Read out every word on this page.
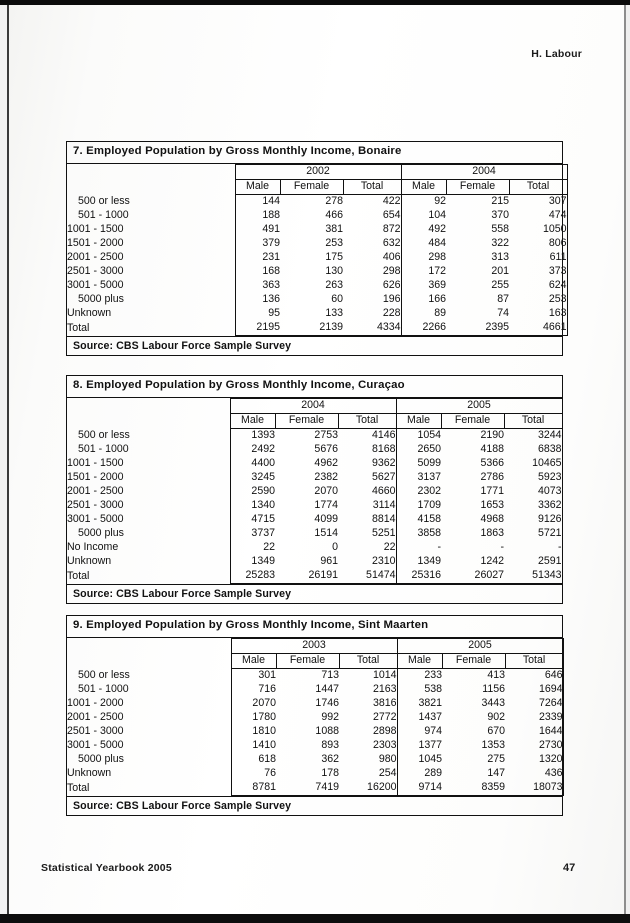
H. Labour
7. Employed Population by Gross Monthly Income, Bonaire
	2002			2004		
	Male	Female	Total	Male	Female	Total
500 or less	144	278	422	92	215	307
501 - 1000	188	466	654	104	370	474
1001 - 1500	491	381	872	492	558	1050
1501 - 2000	379	253	632	484	322	806
2001 - 2500	231	175	406	298	313	611
2501 - 3000	168	130	298	172	201	373
3001 - 5000	363	263	626	369	255	624
5000 plus	136	60	196	166	87	253
Unknown	95	133	228	89	74	163
Total	2195	2139	4334	2266	2395	4661
Source: CBS Labour Force Sample Survey
8. Employed Population by Gross Monthly Income, Curaçao
	2004			2005		
	Male	Female	Total	Male	Female	Total
500 or less	1393	2753	4146	1054	2190	3244
501 - 1000	2492	5676	8168	2650	4188	6838
1001 - 1500	4400	4962	9362	5099	5366	10465
1501 - 2000	3245	2382	5627	3137	2786	5923
2001 - 2500	2590	2070	4660	2302	1771	4073
2501 - 3000	1340	1774	3114	1709	1653	3362
3001 - 5000	4715	4099	8814	4158	4968	9126
5000 plus	3737	1514	5251	3858	1863	5721
No Income	22	0	22	-	-	-
Unknown	1349	961	2310	1349	1242	2591
Total	25283	26191	51474	25316	26027	51343
Source: CBS Labour Force Sample Survey
9. Employed Population by Gross Monthly Income, Sint Maarten
	2003			2005		
	Male	Female	Total	Male	Female	Total
500 or less	301	713	1014	233	413	646
501 - 1000	716	1447	2163	538	1156	1694
1001 - 2000	2070	1746	3816	3821	3443	7264
2001 - 2500	1780	992	2772	1437	902	2339
2501 - 3000	1810	1088	2898	974	670	1644
3001 - 5000	1410	893	2303	1377	1353	2730
5000 plus	618	362	980	1045	275	1320
Unknown	76	178	254	289	147	436
Total	8781	7419	16200	9714	8359	18073
Source: CBS Labour Force Sample Survey
Statistical Yearbook 2005	47
